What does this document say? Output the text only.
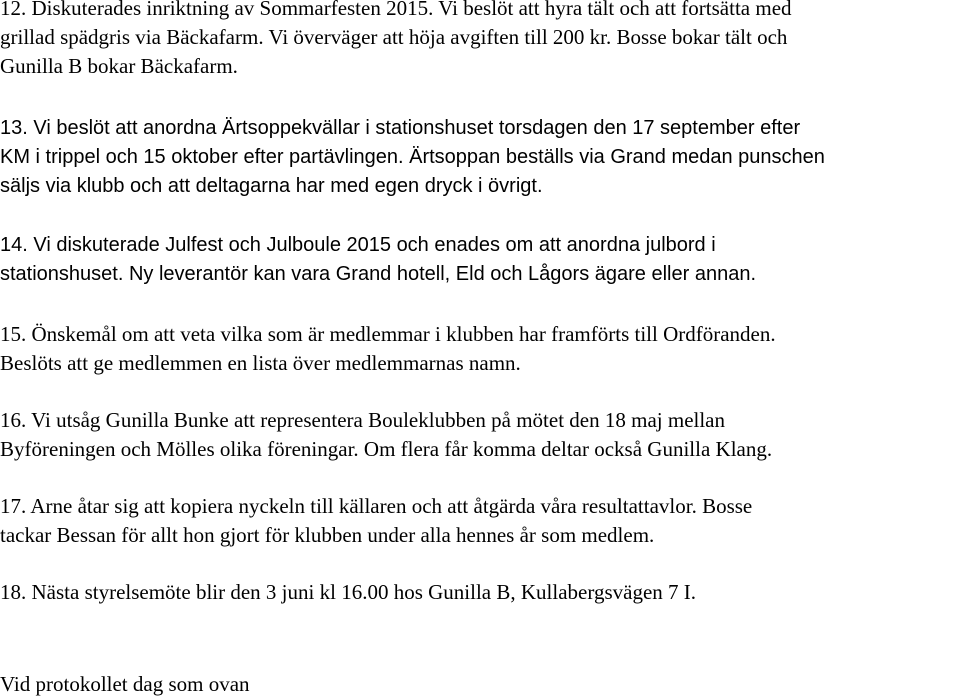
12. Diskuterades inriktning av Sommarfesten 2015. Vi beslöt att hyra tält och att fortsätta med
grillad spädgris via Bäckafarm. Vi överväger att höja avgiften till 200 kr. Bosse bokar tält och
Gunilla B bokar Bäckafarm.
13. Vi beslöt att anordna Ärtsoppekvällar i stationshuset torsdagen den 17 september efter
KM i trippel och 15 oktober efter partävlingen. Ärtsoppan beställs via Grand medan punschen
säljs via klubb och att deltagarna har med egen dryck i övrigt.
14. Vi diskuterade Julfest och Julboule 2015 och enades om att anordna julbord i
stationshuset. Ny leverantör kan vara Grand hotell, Eld och Lågors ägare eller annan.
15. Önskemål om att veta vilka som är medlemmar i klubben har framförts till Ordföranden.
Beslöts att ge medlemmen en lista över medlemmarnas namn.
16. Vi utsåg Gunilla Bunke att representera Bouleklubben på mötet den 18 maj mellan
Byföreningen och Mölles olika föreningar. Om flera får komma deltar också Gunilla Klang.
17. Arne åtar sig att kopiera nyckeln till källaren och att åtgärda våra resultattavlor. Bosse
tackar Bessan för allt hon gjort för klubben under alla hennes år som medlem.
18. Nästa styrelsemöte blir den 3 juni kl 16.00 hos Gunilla B, Kullabergsvägen 7 I.
Vid protokollet dag som ovan
